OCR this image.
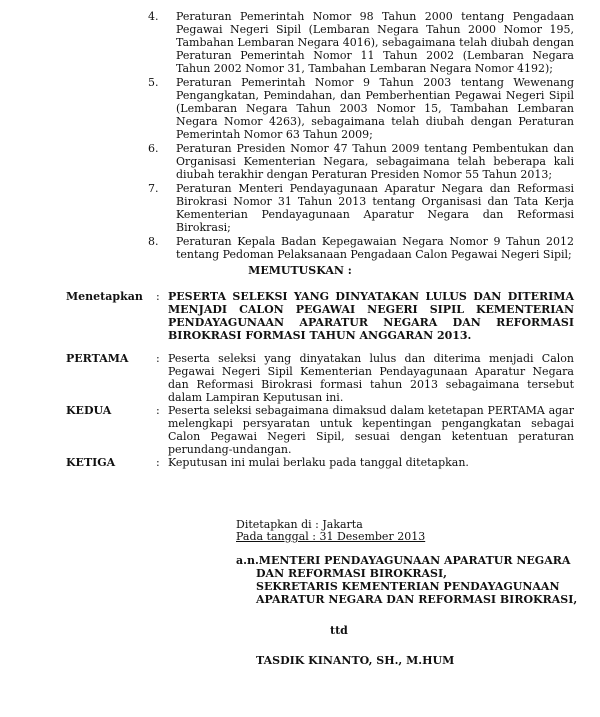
4. Peraturan Pemerintah Nomor 98 Tahun 2000 tentang Pengadaan Pegawai Negeri Sipil (Lembaran Negara Tahun 2000 Nomor 195, Tambahan Lembaran Negara 4016), sebagaimana telah diubah dengan Peraturan Pemerintah Nomor 11 Tahun 2002 (Lembaran Negara Tahun 2002 Nomor 31, Tambahan Lembaran Negara Nomor 4192);
5. Peraturan Pemerintah Nomor 9 Tahun 2003 tentang Wewenang Pengangkatan, Pemindahan, dan Pemberhentian Pegawai Negeri Sipil (Lembaran Negara Tahun 2003 Nomor 15, Tambahan Lembaran Negara Nomor 4263), sebagaimana telah diubah dengan Peraturan Pemerintah Nomor 63 Tahun 2009;
6. Peraturan Presiden Nomor 47 Tahun 2009 tentang Pembentukan dan Organisasi Kementerian Negara, sebagaimana telah beberapa kali diubah terakhir dengan Peraturan Presiden Nomor 55 Tahun 2013;
7. Peraturan Menteri Pendayagunaan Aparatur Negara dan Reformasi Birokrasi Nomor 31 Tahun 2013 tentang Organisasi dan Tata Kerja Kementerian Pendayagunaan Aparatur Negara dan Reformasi Birokrasi;
8. Peraturan Kepala Badan Kepegawaian Negara Nomor 9 Tahun 2012 tentang Pedoman Pelaksanaan Pengadaan Calon Pegawai Negeri Sipil;
MEMUTUSKAN :
Menetapkan : PESERTA SELEKSI YANG DINYATAKAN LULUS DAN DITERIMA MENJADI CALON PEGAWAI NEGERI SIPIL KEMENTERIAN PENDAYAGUNAAN APARATUR NEGARA DAN REFORMASI BIROKRASI FORMASI TAHUN ANGGARAN 2013.
PERTAMA	: Peserta seleksi yang dinyatakan lulus dan diterima menjadi Calon Pegawai Negeri Sipil Kementerian Pendayagunaan Aparatur Negara dan Reformasi Birokrasi formasi tahun 2013 sebagaimana tersebut dalam Lampiran Keputusan ini.
KEDUA	: Peserta seleksi sebagaimana dimaksud dalam ketetapan PERTAMA agar melengkapi persyaratan untuk kepentingan pengangkatan sebagai Calon Pegawai Negeri Sipil, sesuai dengan ketentuan peraturan perundang-undangan.
KETIGA	: Keputusan ini mulai berlaku pada tanggal ditetapkan.
Ditetapkan di : Jakarta
Pada tanggal : 31 Desember 2013
a.n.MENTERI PENDAYAGUNAAN APARATUR NEGARA
DAN REFORMASI BIROKRASI,
SEKRETARIS KEMENTERIAN PENDAYAGUNAAN
APARATUR NEGARA DAN REFORMASI BIROKRASI,
ttd
TASDIK KINANTO, SH., M.HUM
